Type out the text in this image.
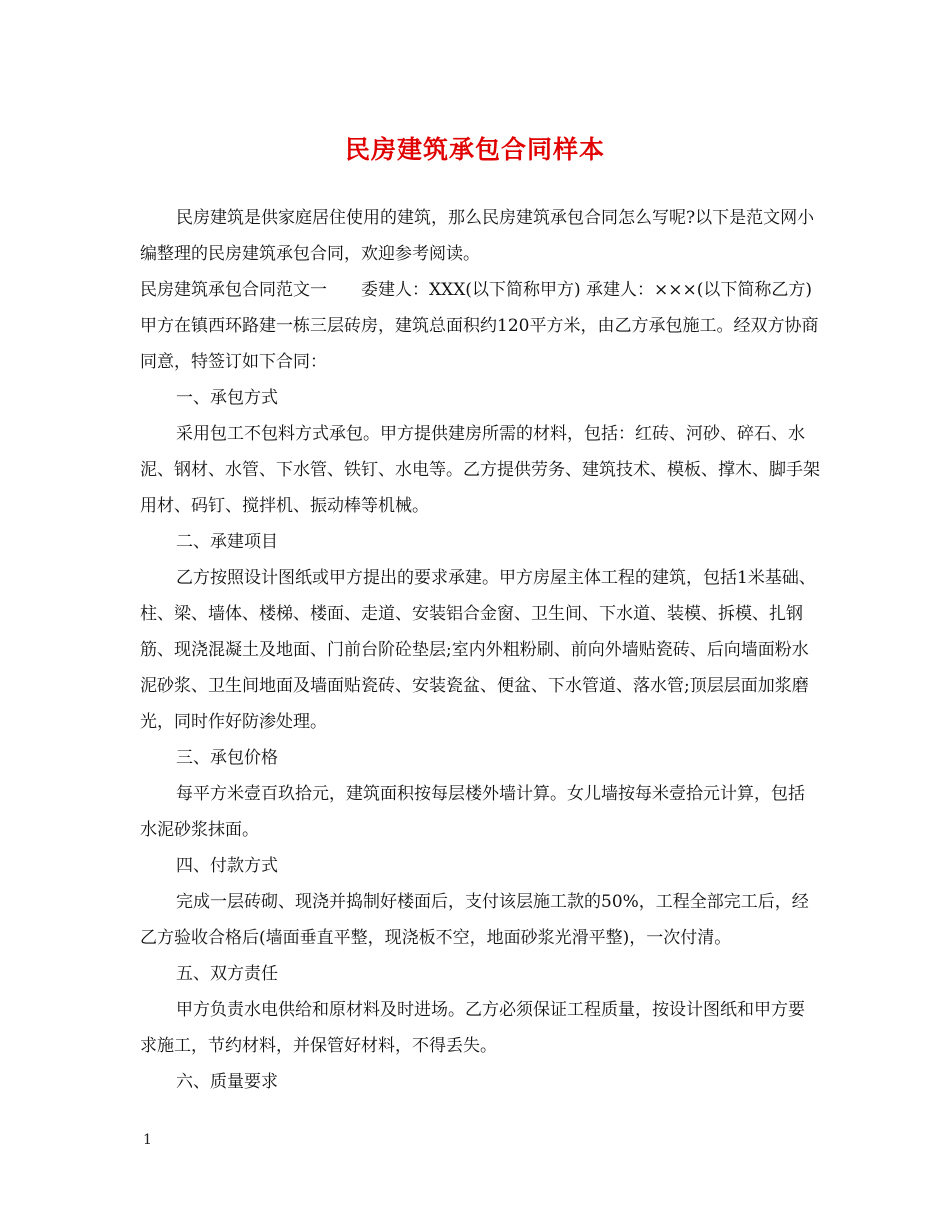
民房建筑承包合同样本

民房建筑是供家庭居住使用的建筑，那么民房建筑承包合同怎么写呢?以下是范文网小编整理的民房建筑承包合同，欢迎参考阅读。

民房建筑承包合同范文一　　委建人：XXX(以下简称甲方) 承建人：×××(以下简称乙方) 甲方在镇西环路建一栋三层砖房，建筑总面积约120平方米，由乙方承包施工。经双方协商同意，特签订如下合同：

一、承包方式

采用包工不包料方式承包。甲方提供建房所需的材料，包括：红砖、河砂、碎石、水泥、钢材、水管、下水管、铁钉、水电等。乙方提供劳务、建筑技术、模板、撑木、脚手架用材、码钉、搅拌机、振动棒等机械。

二、承建项目

乙方按照设计图纸或甲方提出的要求承建。甲方房屋主体工程的建筑，包括1米基础、柱、梁、墙体、楼梯、楼面、走道、安装铝合金窗、卫生间、下水道、装模、拆模、扎钢筋、现浇混凝土及地面、门前台阶砼垫层;室内外粗粉刷、前向外墙贴瓷砖、后向墙面粉水泥砂浆、卫生间地面及墙面贴瓷砖、安装瓷盆、便盆、下水管道、落水管;顶层层面加浆磨光，同时作好防渗处理。

三、承包价格

每平方米壹百玖拾元，建筑面积按每层楼外墙计算。女儿墙按每米壹拾元计算，包括水泥砂浆抹面。

四、付款方式

完成一层砖砌、现浇并捣制好楼面后，支付该层施工款的50%，工程全部完工后，经乙方验收合格后(墙面垂直平整，现浇板不空，地面砂浆光滑平整)，一次付清。

五、双方责任

甲方负责水电供给和原材料及时进场。乙方必须保证工程质量，按设计图纸和甲方要求施工，节约材料，并保管好材料，不得丢失。

六、质量要求

1
